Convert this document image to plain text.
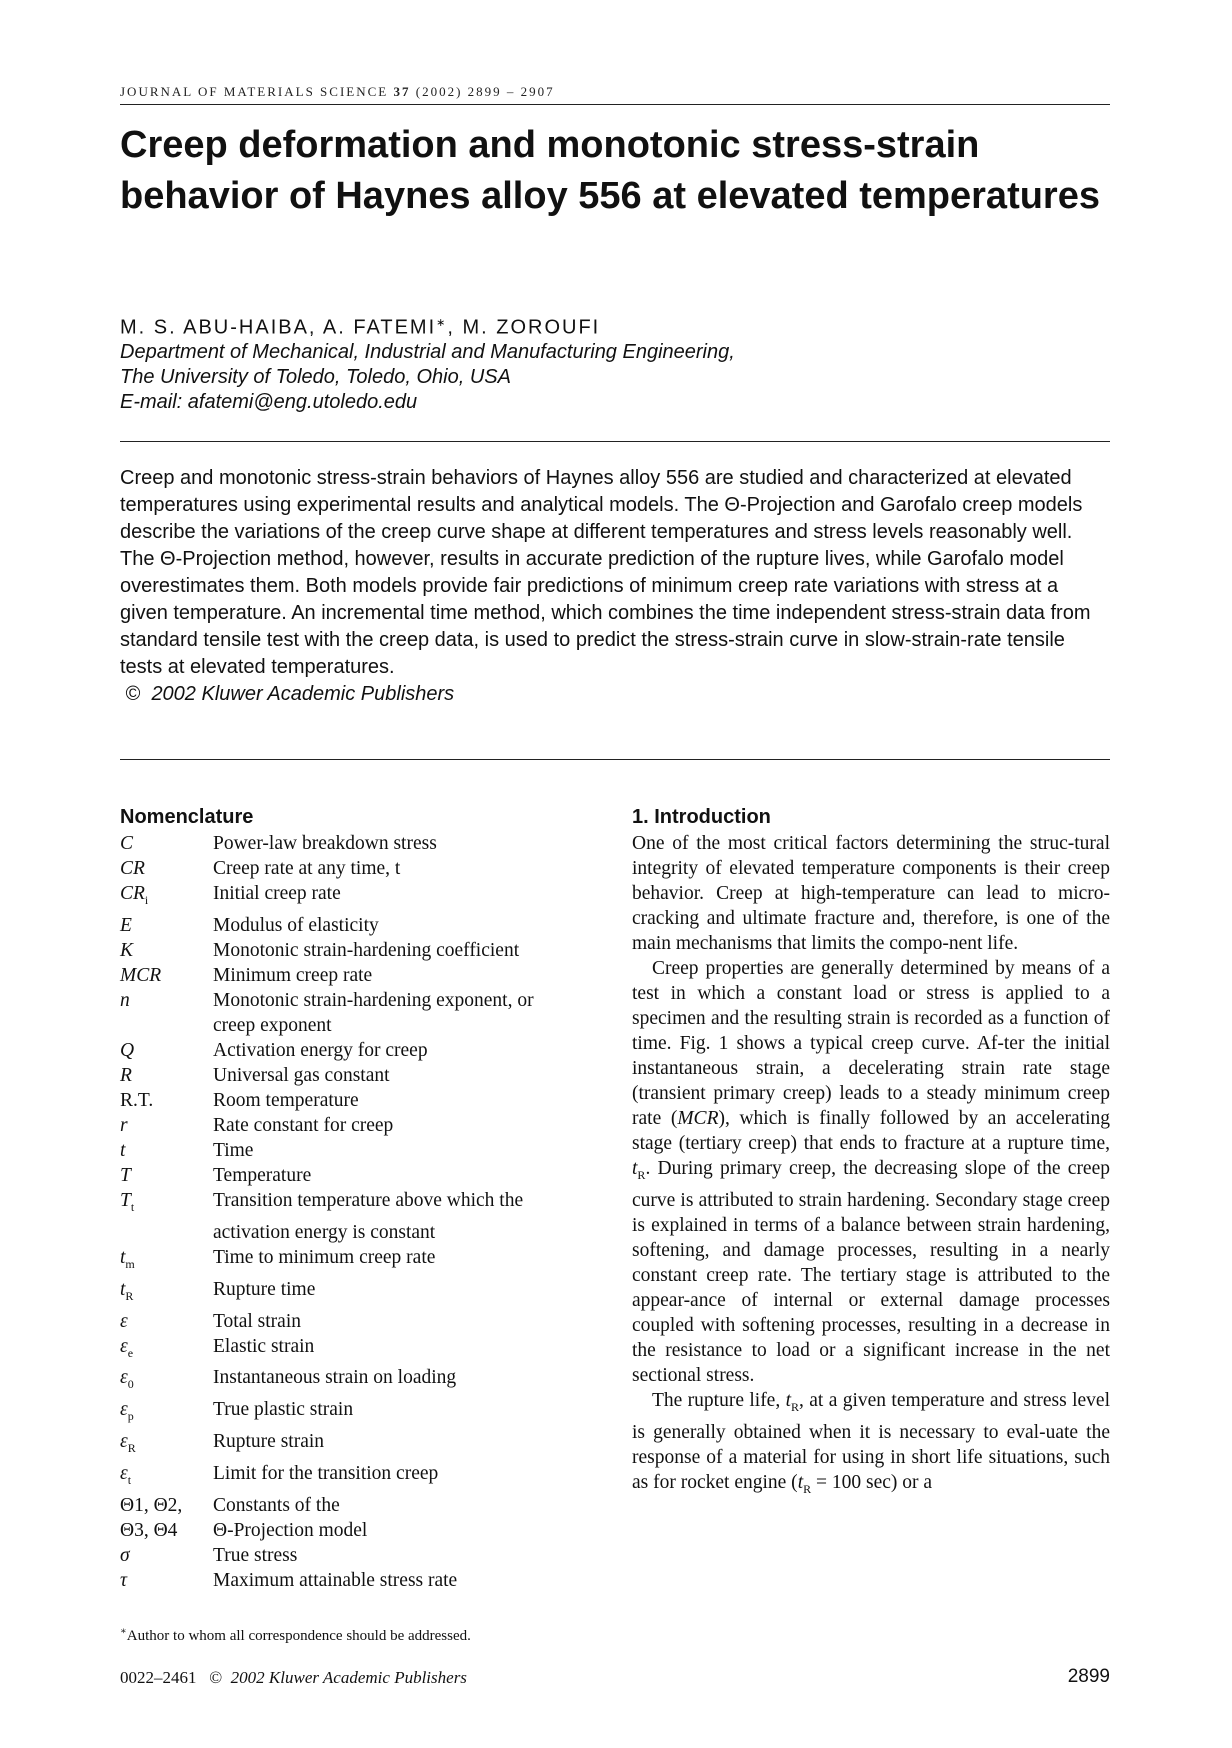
JOURNAL OF MATERIALS SCIENCE 37 (2002) 2899 – 2907
Creep deformation and monotonic stress-strain behavior of Haynes alloy 556 at elevated temperatures
M. S. ABU-HAIBA, A. FATEMI∗, M. ZOROUFI
Department of Mechanical, Industrial and Manufacturing Engineering,
The University of Toledo, Toledo, Ohio, USA
E-mail: afatemi@eng.utoledo.edu

Creep and monotonic stress-strain behaviors of Haynes alloy 556 are studied and characterized at elevated temperatures using experimental results and analytical models. The Θ-Projection and Garofalo creep models describe the variations of the creep curve shape at different temperatures and stress levels reasonably well. The Θ-Projection method, however, results in accurate prediction of the rupture lives, while Garofalo model overestimates them. Both models provide fair predictions of minimum creep rate variations with stress at a given temperature. An incremental time method, which combines the time independent stress-strain data from standard tensile test with the creep data, is used to predict the stress-strain curve in slow-strain-rate tensile tests at elevated temperatures.

© 2002 Kluwer Academic Publishers

Nomenclature
C	Power-law breakdown stress
CR	Creep rate at any time, t
$CR_i$	Initial creep rate
E	Modulus of elasticity
K	Monotonic strain-hardening coefficient
MCR	Minimum creep rate
n	Monotonic strain-hardening exponent, or
creep exponent
Q	Activation energy for creep
R	Universal gas constant
R.T.	Room temperature
r	Rate constant for creep
t	Time
T	Temperature
$T_t$	Transition temperature above which the
activation energy is constant
$t_m$	Time to minimum creep rate
$t_R$	Rupture time
ε	Total strain
$\varepsilon_e$	Elastic strain
$\varepsilon_0$	Instantaneous strain on loading
$\varepsilon_p$	True plastic strain
$\varepsilon_R$	Rupture strain
$\varepsilon_t$	Limit for the transition creep
Θ1, Θ2,	Constants of the
Θ3, Θ4	Θ-Projection model
σ	True stress
τ	Maximum attainable stress rate
1. Introduction

One of the most critical factors determining the struc-tural integrity of elevated temperature components is their creep behavior. Creep at high-temperature can lead to micro-cracking and ultimate fracture and, therefore, is one of the main mechanisms that limits the compo-nent life.

Creep properties are generally determined by means of a test in which a constant load or stress is applied to a specimen and the resulting strain is recorded as a function of time. Fig. 1 shows a typical creep curve. Af-ter the initial instantaneous strain, a decelerating strain rate stage (transient primary creep) leads to a steady minimum creep rate (MCR), which is finally followed by an accelerating stage (tertiary creep) that ends to fracture at a rupture time, $t_R$. During primary creep, the decreasing slope of the creep curve is attributed to strain hardening. Secondary stage creep is explained in terms of a balance between strain hardening, softening, and damage processes, resulting in a nearly constant creep rate. The tertiary stage is attributed to the appear-ance of internal or external damage processes coupled with softening processes, resulting in a decrease in the resistance to load or a significant increase in the net sectional stress.

The rupture life, $t_R$, at a given temperature and stress level is generally obtained when it is necessary to eval-uate the response of a material for using in short life situations, such as for rocket engine ($t_R = 100$ sec) or a

∗Author to whom all correspondence should be addressed.
0022–2461 © 2002 Kluwer Academic Publishers	2899
